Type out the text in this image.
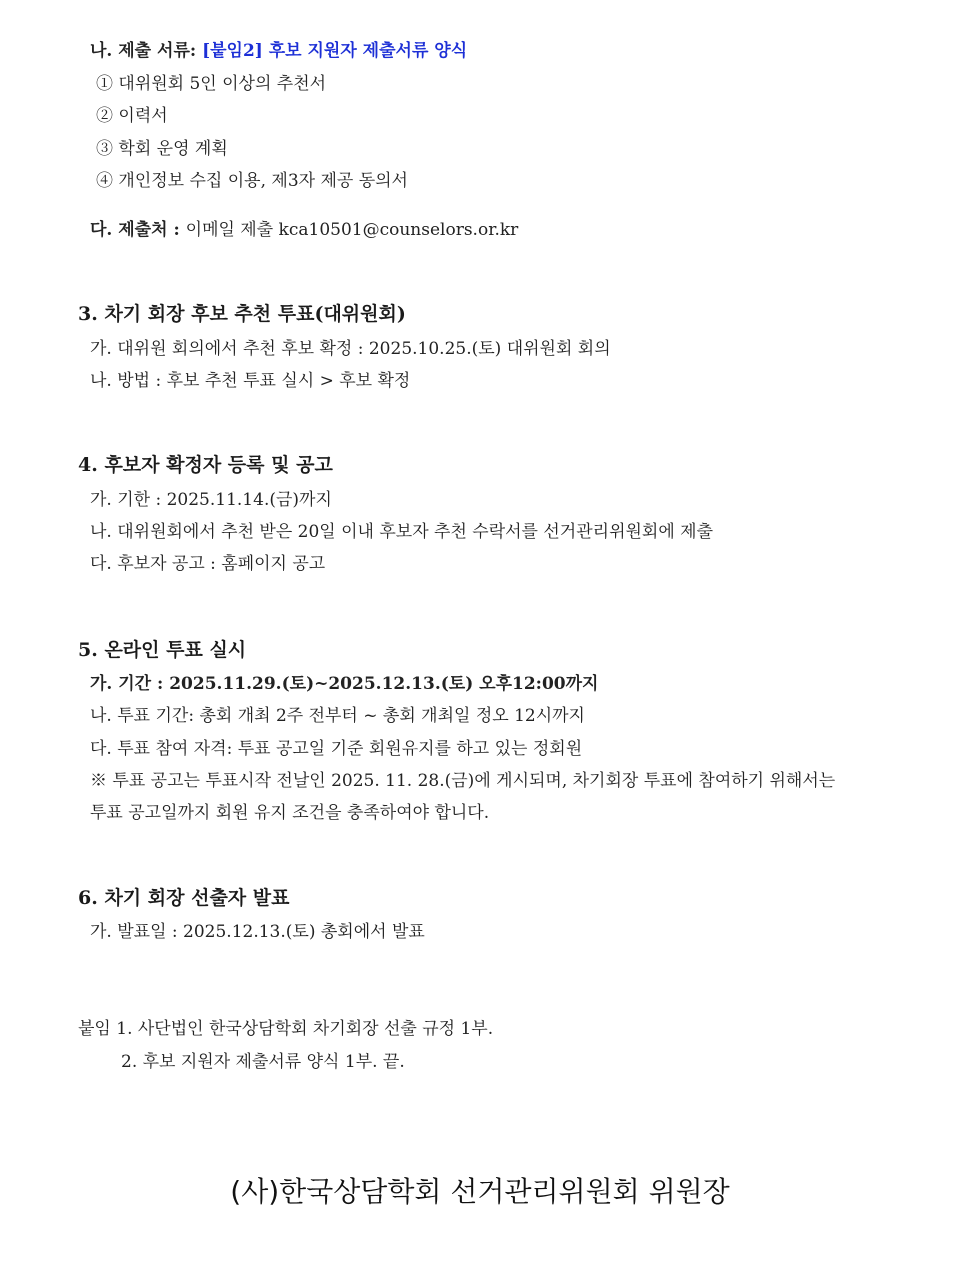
나. 제출 서류: [붙임2] 후보 지원자 제출서류 양식
① 대위원회 5인 이상의 추천서
② 이력서
③ 학회 운영 계획
④ 개인정보 수집 이용, 제3자 제공 동의서
다. 제출처 : 이메일 제출 kca10501@counselors.or.kr
3. 차기 회장 후보 추천 투표(대위원회)
가. 대위원 회의에서 추천 후보 확정 : 2025.10.25.(토) 대위원회 회의
나. 방법 : 후보 추천 투표 실시 > 후보 확정
4. 후보자 확정자 등록 및 공고
가. 기한 : 2025.11.14.(금)까지
나. 대위원회에서 추천 받은 20일 이내 후보자 추천 수락서를 선거관리위원회에 제출
다. 후보자 공고 : 홈페이지 공고
5. 온라인 투표 실시
가. 기간 : 2025.11.29.(토)~2025.12.13.(토) 오후12:00까지
나. 투표 기간: 총회 개최 2주 전부터 ~ 총회 개최일 정오 12시까지
다. 투표 참여 자격: 투표 공고일 기준 회원유지를 하고 있는 정회원
※ 투표 공고는 투표시작 전날인 2025. 11. 28.(금)에 게시되며, 차기회장 투표에 참여하기 위해서는
투표 공고일까지 회원 유지 조건을 충족하여야 합니다.
6. 차기 회장 선출자 발표
가. 발표일 : 2025.12.13.(토) 총회에서 발표
붙임 1. 사단법인 한국상담학회 차기회장 선출 규정 1부.
2. 후보 지원자 제출서류 양식 1부. 끝.
(사)한국상담학회 선거관리위원회 위원장
